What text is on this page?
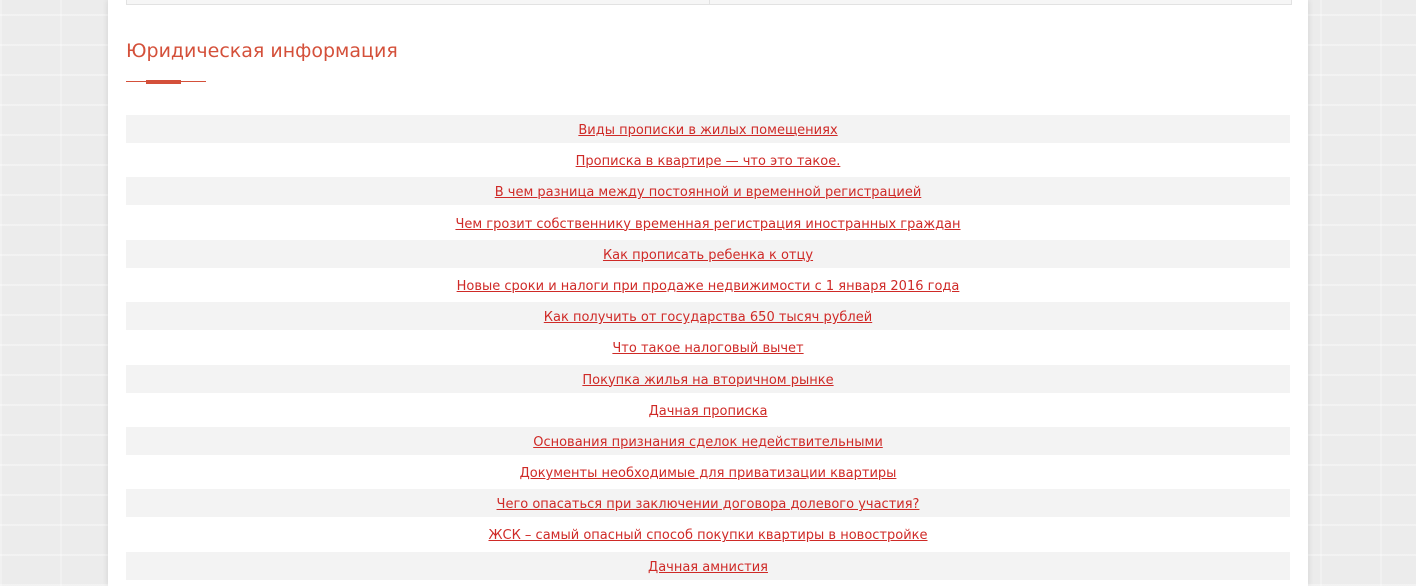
Юридическая информация
Виды прописки в жилых помещениях
Прописка в квартире — что это такое.
В чем разница между постоянной и временной регистрацией
Чем грозит собственнику временная регистрация иностранных граждан
Как прописать ребенка к отцу
Новые сроки и налоги при продаже недвижимости с 1 января 2016 года
Как получить от государства 650 тысяч рублей
Что такое налоговый вычет
Покупка жилья на вторичном рынке
Дачная прописка
Основания признания сделок недействительными
Документы необходимые для приватизации квартиры
Чего опасаться при заключении договора долевого участия?
ЖСК – самый опасный способ покупки квартиры в новостройке
Дачная амнистия
